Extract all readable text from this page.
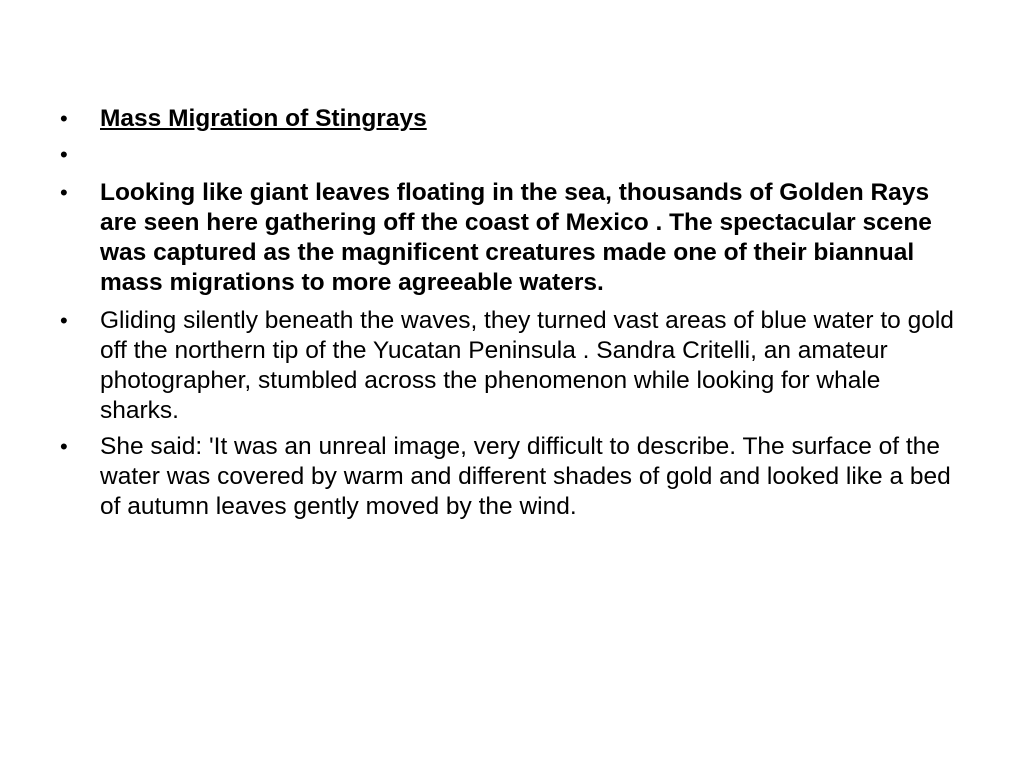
•	Mass Migration of Stingrays
•
•	Looking like giant leaves floating in the sea, thousands of Golden Rays are seen here gathering off the coast of Mexico . The spectacular scene was captured as the magnificent creatures made one of their biannual mass migrations to more agreeable waters.
•	Gliding silently beneath the waves, they turned vast areas of blue water to gold off the northern tip of the Yucatan Peninsula . Sandra Critelli, an amateur photographer, stumbled across the phenomenon while looking for whale sharks.
•	She said: 'It was an unreal image, very difficult to describe. The surface of the water was covered by warm and different shades of gold and looked like a bed of autumn leaves gently moved by the wind.
